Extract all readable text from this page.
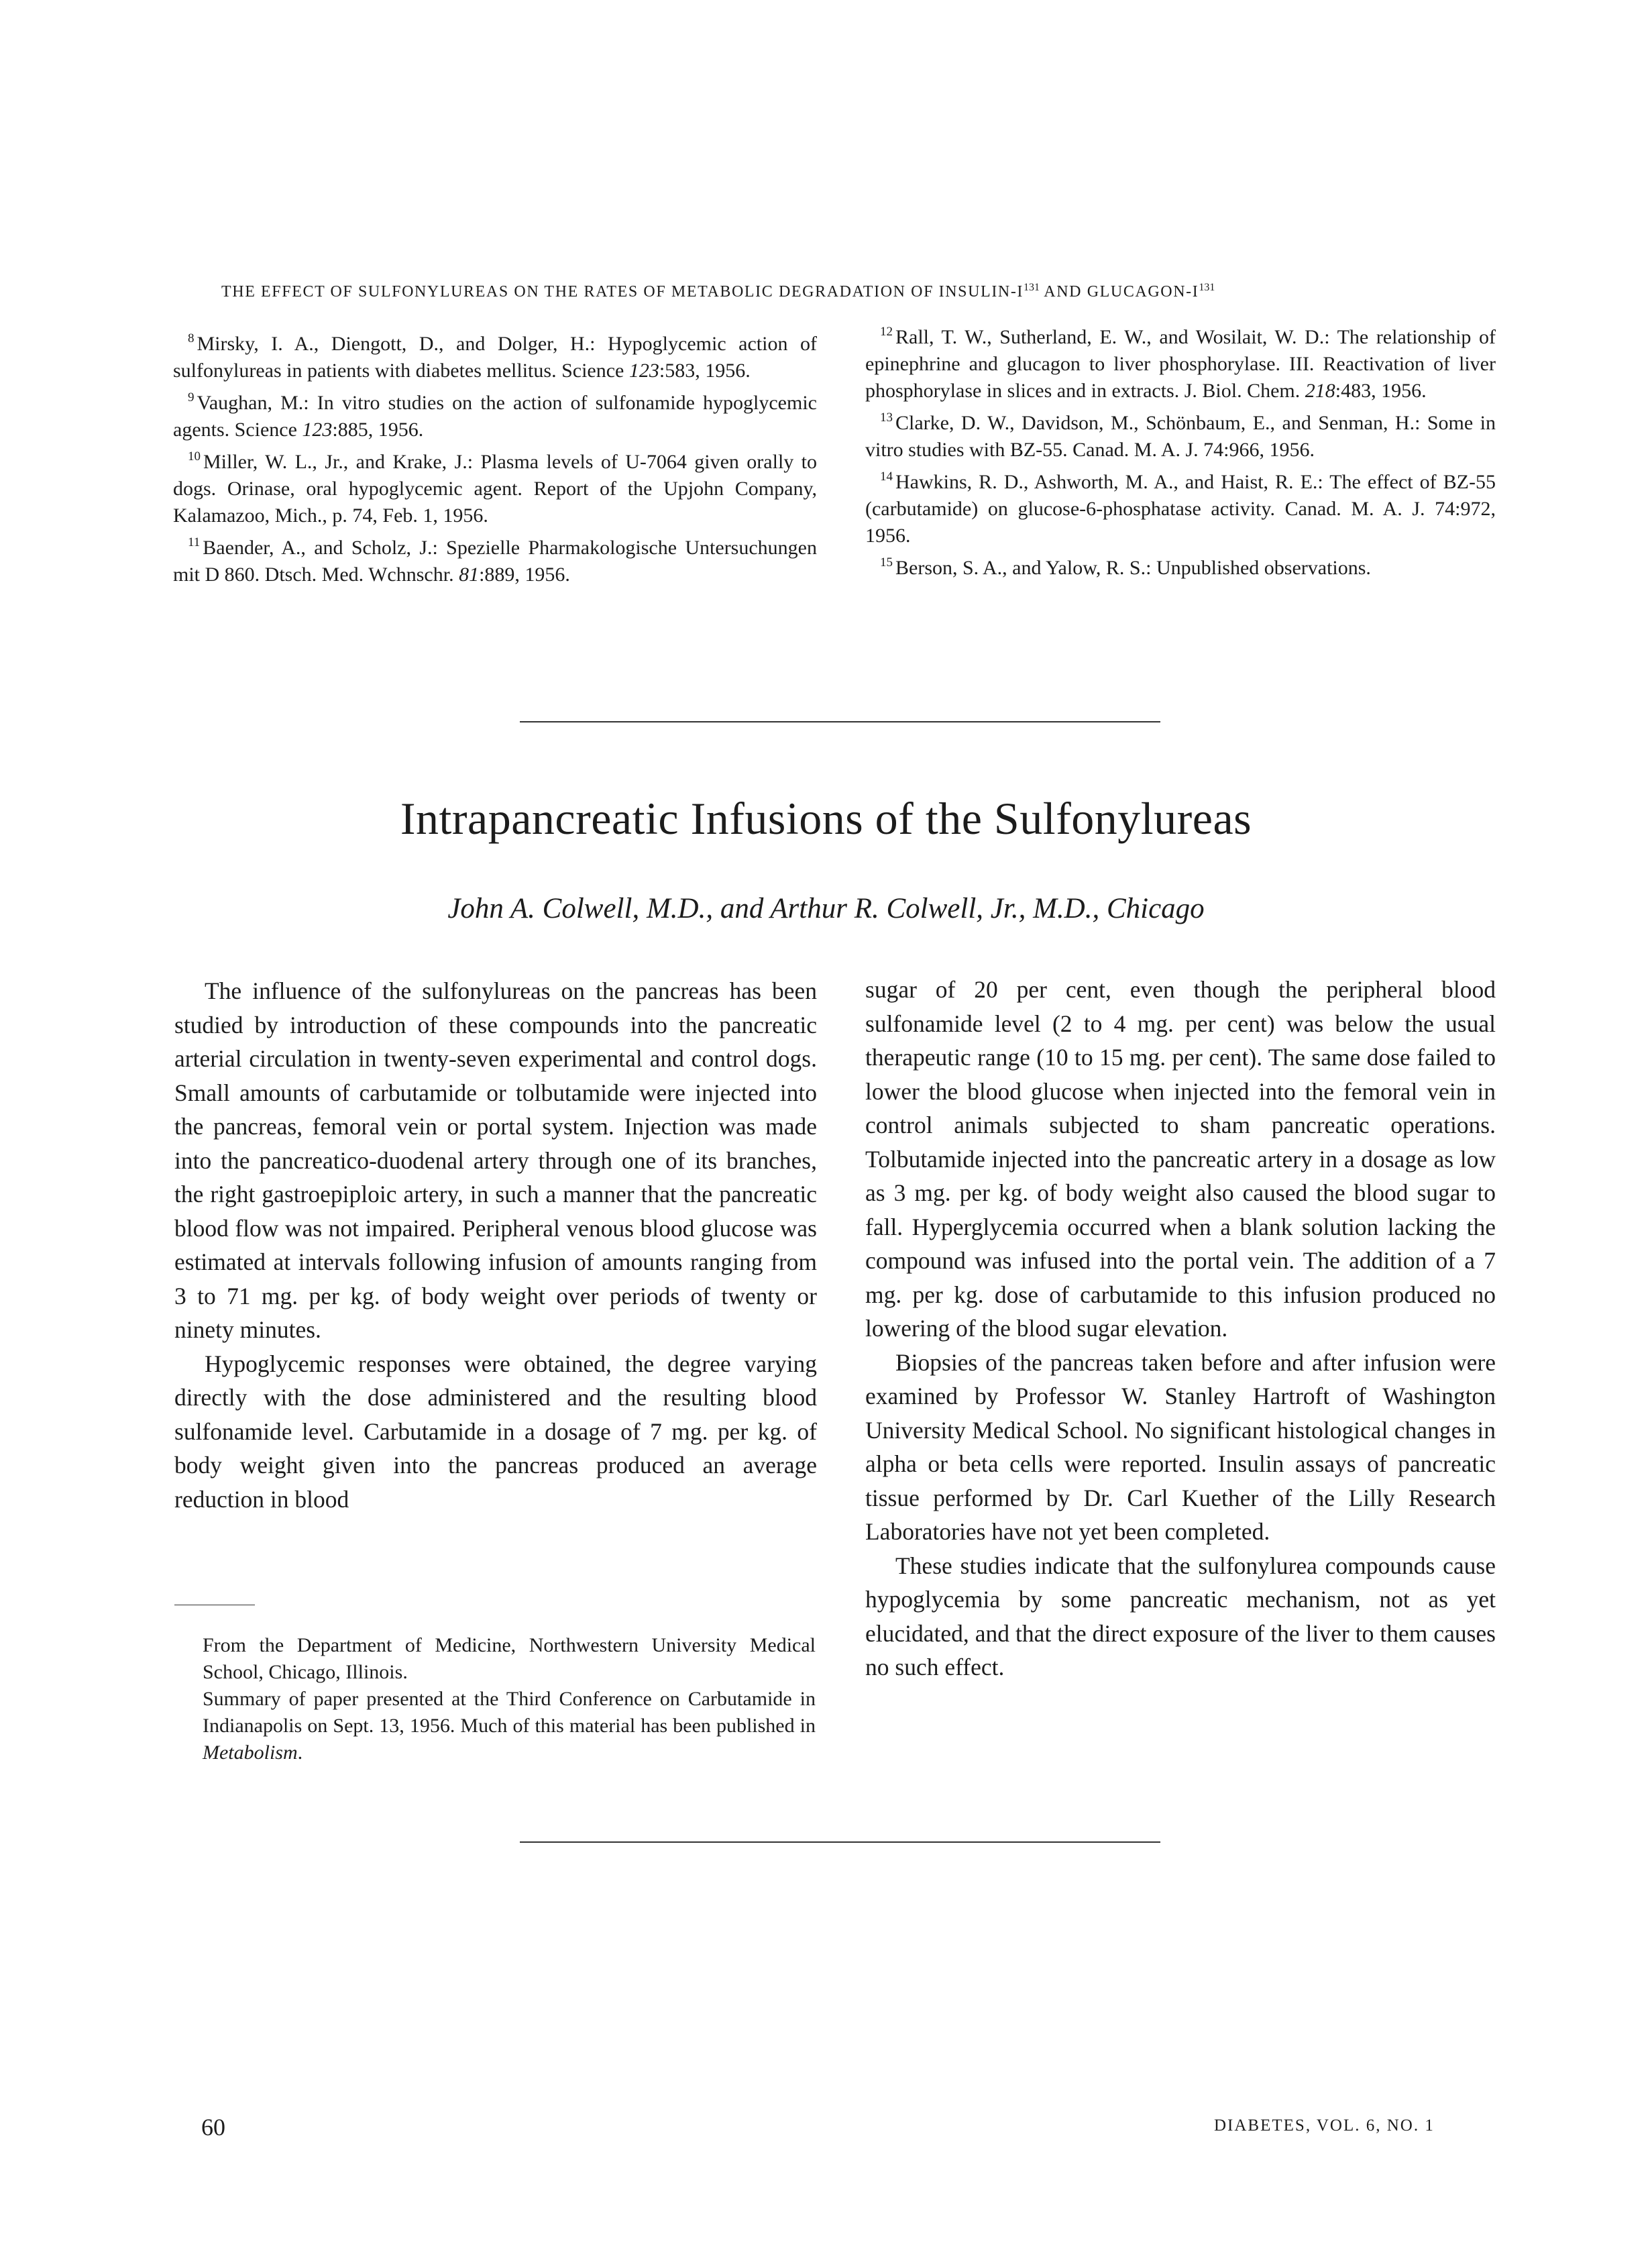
THE EFFECT OF SULFONYLUREAS ON THE RATES OF METABOLIC DEGRADATION OF INSULIN-$I^{131}$ AND GLUCAGON-$I^{131}$

$^8$ Mirsky, I. A., Diengott, D., and Dolger, H.: Hypoglycemic action of sulfonylureas in patients with diabetes mellitus. Science 123:583, 1956.

$^9$ Vaughan, M.: In vitro studies on the action of sulfonamide hypoglycemic agents. Science 123:885, 1956.

$^{10}$ Miller, W. L., Jr., and Krake, J.: Plasma levels of U-7064 given orally to dogs. Orinase, oral hypoglycemic agent. Report of the Upjohn Company, Kalamazoo, Mich., p. 74, Feb. 1, 1956.

$^{11}$ Baender, A., and Scholz, J.: Spezielle Pharmakologische Untersuchungen mit D 860. Dtsch. Med. Wchnschr. 81:889, 1956.

$^{12}$ Rall, T. W., Sutherland, E. W., and Wosilait, W. D.: The relationship of epinephrine and glucagon to liver phosphorylase. III. Reactivation of liver phosphorylase in slices and in extracts. J. Biol. Chem. 218:483, 1956.

$^{13}$ Clarke, D. W., Davidson, M., Schönbaum, E., and Senman, H.: Some in vitro studies with BZ-55. Canad. M. A. J. 74:966, 1956.

$^{14}$ Hawkins, R. D., Ashworth, M. A., and Haist, R. E.: The effect of BZ-55 (carbutamide) on glucose-6-phosphatase activity. Canad. M. A. J. 74:972, 1956.

$^{15}$ Berson, S. A., and Yalow, R. S.: Unpublished observations.

Intrapancreatic Infusions of the Sulfonylureas
John A. Colwell, M.D., and Arthur R. Colwell, Jr., M.D., Chicago

The influence of the sulfonylureas on the pancreas has been studied by introduction of these compounds into the pancreatic arterial circulation in twenty-seven experimental and control dogs. Small amounts of carbutamide or tolbutamide were injected into the pancreas, femoral vein or portal system. Injection was made into the pancreatico-duodenal artery through one of its branches, the right gastroepiploic artery, in such a manner that the pancreatic blood flow was not impaired. Peripheral venous blood glucose was estimated at intervals following infusion of amounts ranging from 3 to 71 mg. per kg. of body weight over periods of twenty or ninety minutes.

Hypoglycemic responses were obtained, the degree varying directly with the dose administered and the resulting blood sulfonamide level. Carbutamide in a dosage of 7 mg. per kg. of body weight given into the pancreas produced an average reduction in blood

From the Department of Medicine, Northwestern University Medical School, Chicago, Illinois.

Summary of paper presented at the Third Conference on Carbutamide in Indianapolis on Sept. 13, 1956. Much of this material has been published in Metabolism.

sugar of 20 per cent, even though the peripheral blood sulfonamide level (2 to 4 mg. per cent) was below the usual therapeutic range (10 to 15 mg. per cent). The same dose failed to lower the blood glucose when injected into the femoral vein in control animals subjected to sham pancreatic operations. Tolbutamide injected into the pancreatic artery in a dosage as low as 3 mg. per kg. of body weight also caused the blood sugar to fall. Hyperglycemia occurred when a blank solution lacking the compound was infused into the portal vein. The addition of a 7 mg. per kg. dose of carbutamide to this infusion produced no lowering of the blood sugar elevation.

Biopsies of the pancreas taken before and after infusion were examined by Professor W. Stanley Hartroft of Washington University Medical School. No significant histological changes in alpha or beta cells were reported. Insulin assays of pancreatic tissue performed by Dr. Carl Kuether of the Lilly Research Laboratories have not yet been completed.

These studies indicate that the sulfonylurea compounds cause hypoglycemia by some pancreatic mechanism, not as yet elucidated, and that the direct exposure of the liver to them causes no such effect.

60	DIABETES, VOL. 6, NO. 1
